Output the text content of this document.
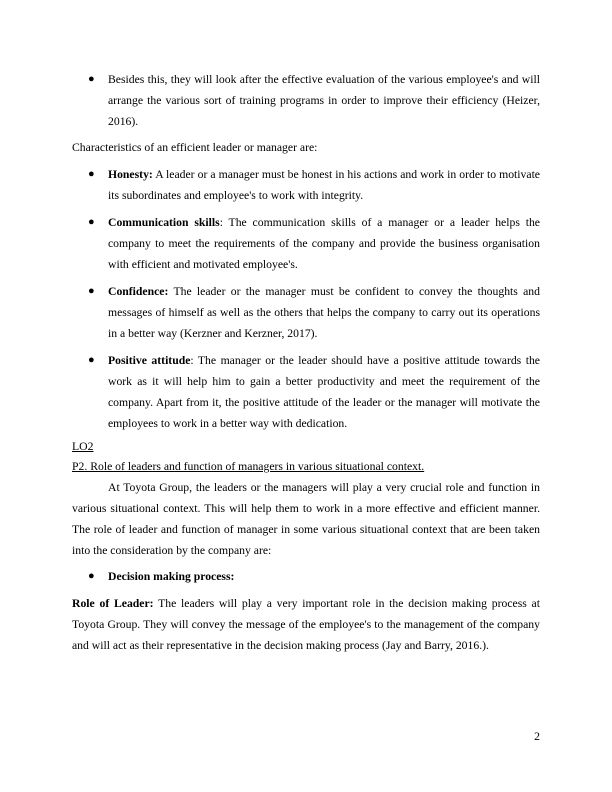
● Besides this, they will look after the effective evaluation of the various employee's and will arrange the various sort of training programs in order to improve their efficiency (Heizer, 2016).

Characteristics of an efficient leader or manager are:

● Honesty: A leader or a manager must be honest in his actions and work in order to motivate its subordinates and employee's to work with integrity.
● Communication skills: The communication skills of a manager or a leader helps the company to meet the requirements of the company and provide the business organisation with efficient and motivated employee's.
● Confidence: The leader or the manager must be confident to convey the thoughts and messages of himself as well as the others that helps the company to carry out its operations in a better way (Kerzner and Kerzner, 2017).
● Positive attitude: The manager or the leader should have a positive attitude towards the work as it will help him to gain a better productivity and meet the requirement of the company. Apart from it, the positive attitude of the leader or the manager will motivate the employees to work in a better way with dedication.

LO2

P2. Role of leaders and function of managers in various situational context.

At Toyota Group, the leaders or the managers will play a very crucial role and function in various situational context. This will help them to work in a more effective and efficient manner. The role of leader and function of manager in some various situational context that are been taken into the consideration by the company are:

● Decision making process:

Role of Leader: The leaders will play a very important role in the decision making process at Toyota Group. They will convey the message of the employee's to the management of the company and will act as their representative in the decision making process (Jay and Barry, 2016.).

2
